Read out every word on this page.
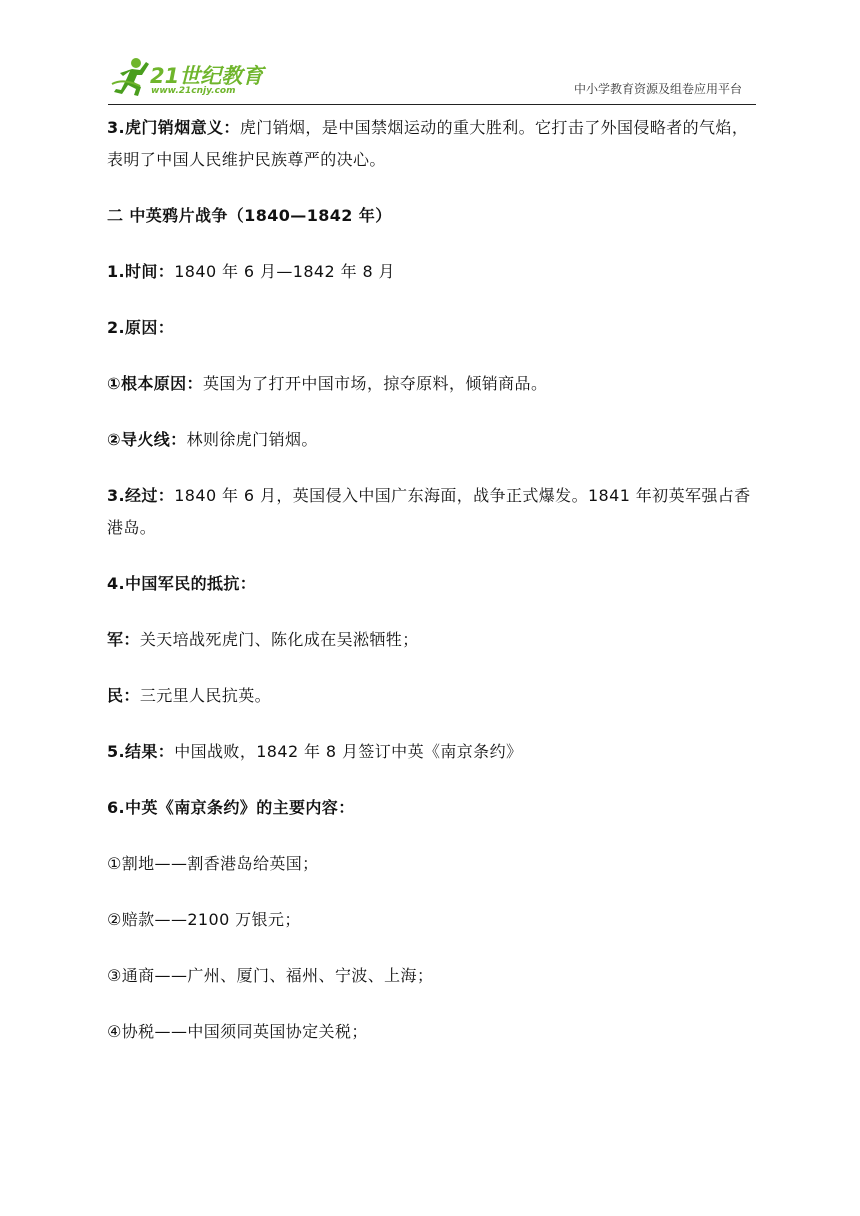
21世纪教育
www.21cnjy.com	中小学教育资源及组卷应用平台

3.虎门销烟意义：虎门销烟，是中国禁烟运动的重大胜利。它打击了外国侵略者的气焰，表明了中国人民维护民族尊严的决心。

二 中英鸦片战争（1840—1842 年）

1.时间：1840 年 6 月—1842 年 8 月

2.原因：

①根本原因：英国为了打开中国市场，掠夺原料，倾销商品。

②导火线：林则徐虎门销烟。

3.经过：1840 年 6 月，英国侵入中国广东海面，战争正式爆发。1841 年初英军强占香港岛。

4.中国军民的抵抗：

军：关天培战死虎门、陈化成在吴淞牺牲；

民：三元里人民抗英。

5.结果：中国战败，1842 年 8 月签订中英《南京条约》

6.中英《南京条约》的主要内容：

①割地——割香港岛给英国；

②赔款——2100 万银元；

③通商——广州、厦门、福州、宁波、上海；

④协税——中国须同英国协定关税；
